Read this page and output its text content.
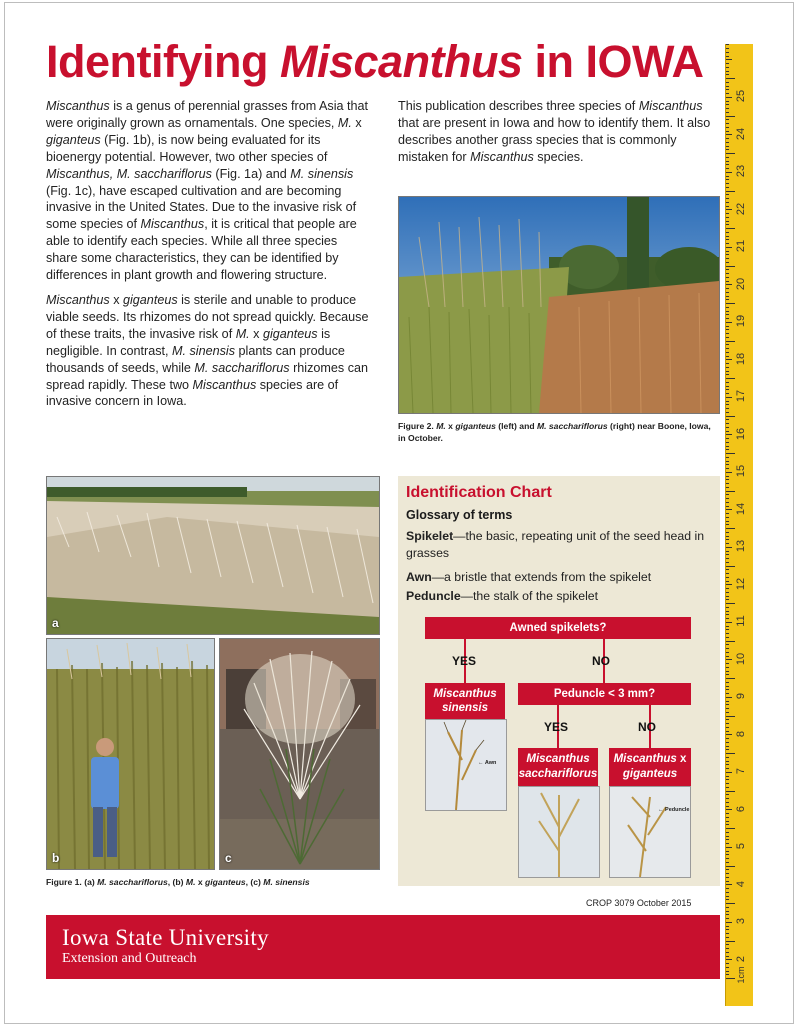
Identifying Miscanthus in IOWA

Miscanthus is a genus of perennial grasses from Asia that were originally grown as ornamentals. One species, M. x giganteus (Fig. 1b), is now being evaluated for its bioenergy potential. However, two other species of Miscanthus, M. sacchariflorus (Fig. 1a) and M. sinensis (Fig. 1c), have escaped cultivation and are becoming invasive in the United States. Due to the invasive risk of some species of Miscanthus, it is critical that people are able to identify each species. While all three species share some characteristics, they can be identified by differences in plant growth and flowering structure.

Miscanthus x giganteus is sterile and unable to produce viable seeds. Its rhizomes do not spread quickly. Because of these traits, the invasive risk of M. x giganteus is negligible. In contrast, M. sinensis plants can produce thousands of seeds, while M. sacchariflorus rhizomes can spread rapidly. These two Miscanthus species are of invasive concern in Iowa.

This publication describes three species of Miscanthus that are present in Iowa and how to identify them. It also describes another grass species that is commonly mistaken for Miscanthus species.

Figure 2. M. x giganteus (left) and M. sacchariflorus (right) near Boone, Iowa, in October.
a
b	c
Figure 1. (a) M. sacchariflorus, (b) M. x giganteus, (c) M. sinensis
Identification Chart
Glossary of terms
Spikelet—the basic, repeating unit of the seed head in grasses
Awn—a bristle that extends from the spikelet
Peduncle—the stalk of the spikelet
Awned spikelets?
YES	NO
Miscanthus sinensis
Peduncle < 3 mm?
YES	NO
Miscanthus
sacchariflorus
Miscanthus x
giganteus
← Awn
← Peduncle
CROP 3079 October 2015
Iowa State University
Extension and Outreach
1cm
2
3
4
5
6
7
8
9
10
11
12
13
14
15
16
17
18
19
20
21
22
23
24
25
